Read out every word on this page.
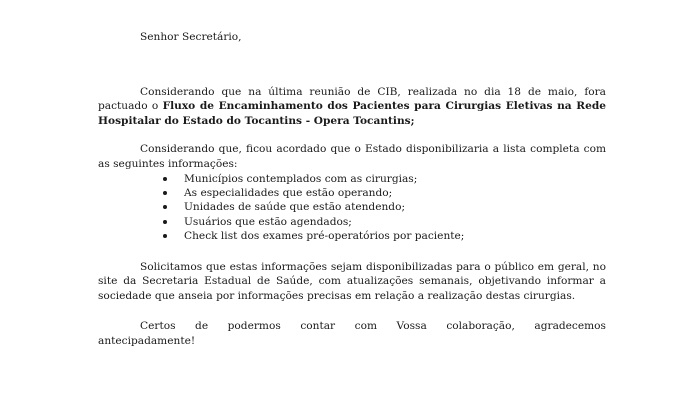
Senhor Secretário,

Considerando que na última reunião de CIB, realizada no dia 18 de maio, fora pactuado o Fluxo de Encaminhamento dos Pacientes para Cirurgias Eletivas na Rede Hospitalar do Estado do Tocantins - Opera Tocantins;

Considerando que, ficou acordado que o Estado disponibilizaria a lista completa com as seguintes informações:

Municípios contemplados com as cirurgias;
As especialidades que estão operando;
Unidades de saúde que estão atendendo;
Usuários que estão agendados;
Check list dos exames pré-operatórios por paciente;

Solicitamos que estas informações sejam disponibilizadas para o público em geral, no site da Secretaria Estadual de Saúde, com atualizações semanais, objetivando informar a sociedade que anseia por informações precisas em relação a realização destas cirurgias.

Certos de podermos contar com Vossa colaboração, agradecemos antecipadamente!
